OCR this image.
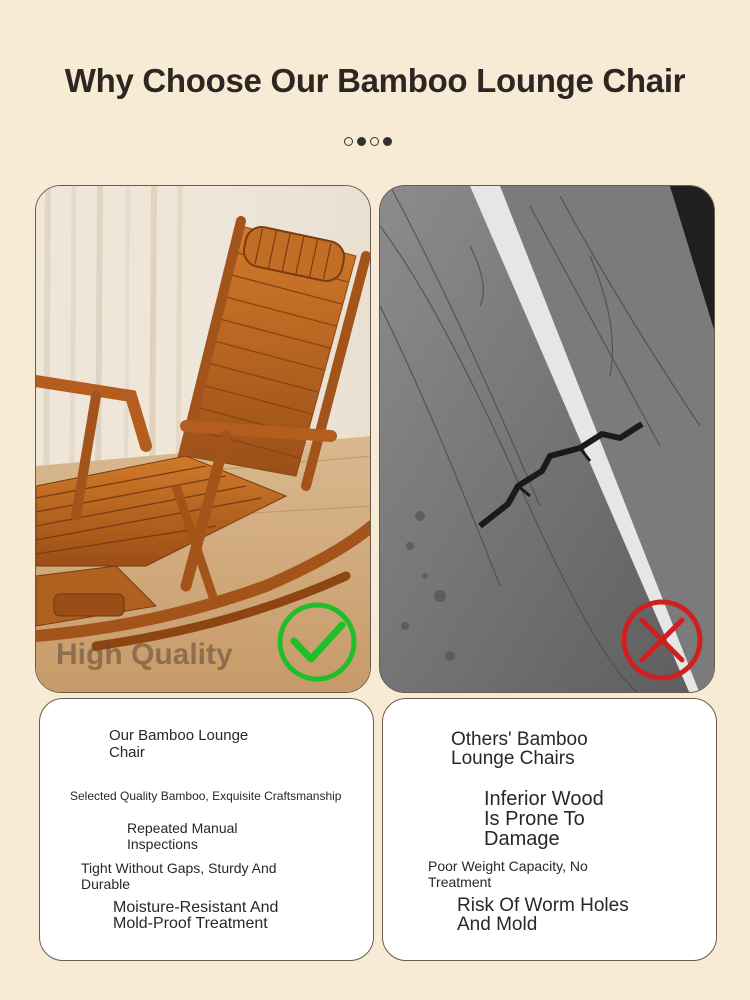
Why Choose Our Bamboo Lounge Chair
High Quality
Our Bamboo Lounge
Chair
Selected Quality Bamboo, Exquisite Craftsmanship
Repeated Manual
Inspections
Tight Without Gaps, Sturdy And
Durable
Moisture-Resistant And
Mold-Proof Treatment
Others' Bamboo
Lounge Chairs
Inferior Wood
Is Prone To
Damage
Poor Weight Capacity, No
Treatment
Risk Of Worm Holes
And Mold
